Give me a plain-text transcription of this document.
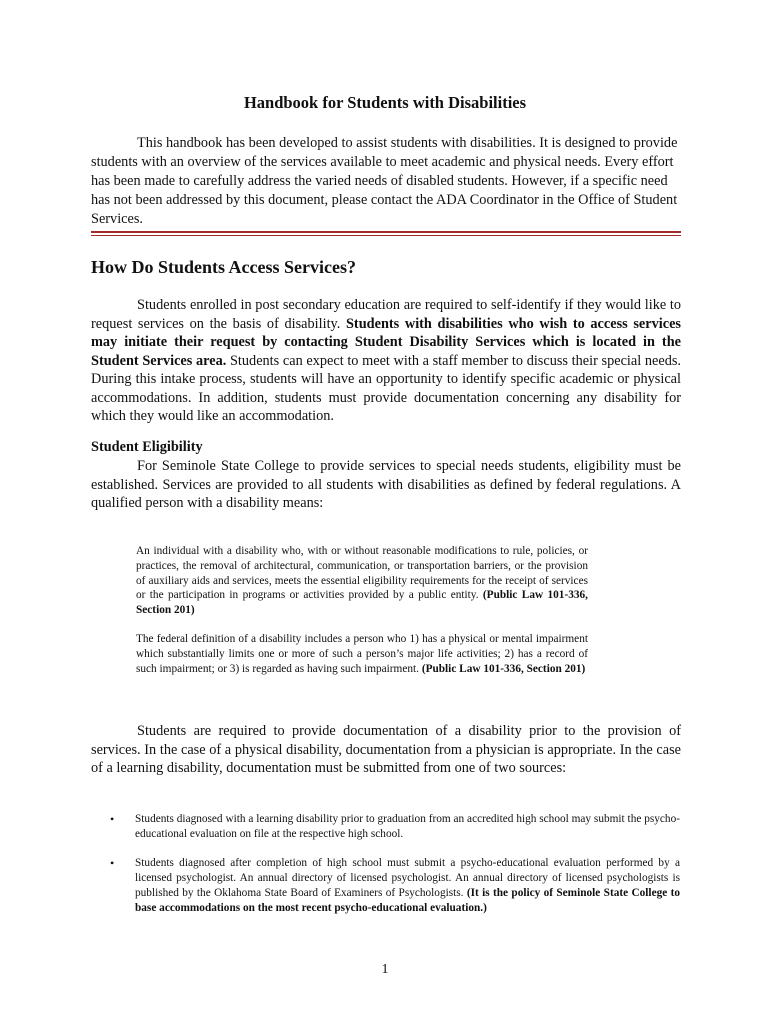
Handbook for Students with Disabilities

This handbook has been developed to assist students with disabilities. It is designed to provide students with an overview of the services available to meet academic and physical needs. Every effort has been made to carefully address the varied needs of disabled students. However, if a specific need has not been addressed by this document, please contact the ADA Coordinator in the Office of Student Services.

How Do Students Access Services?

Students enrolled in post secondary education are required to self-identify if they would like to request services on the basis of disability. Students with disabilities who wish to access services may initiate their request by contacting Student Disability Services which is located in the Student Services area. Students can expect to meet with a staff member to discuss their special needs. During this intake process, students will have an opportunity to identify specific academic or physical accommodations. In addition, students must provide documentation concerning any disability for which they would like an accommodation.

Student Eligibility

For Seminole State College to provide services to special needs students, eligibility must be established. Services are provided to all students with disabilities as defined by federal regulations. A qualified person with a disability means:

An individual with a disability who, with or without reasonable modifications to rule, policies, or practices, the removal of architectural, communication, or transportation barriers, or the provision of auxiliary aids and services, meets the essential eligibility requirements for the receipt of services or the participation in programs or activities provided by a public entity. (Public Law 101-336, Section 201)

The federal definition of a disability includes a person who 1) has a physical or mental impairment which substantially limits one or more of such a person’s major life activities; 2) has a record of such impairment; or 3) is regarded as having such impairment. (Public Law 101-336, Section 201)

Students are required to provide documentation of a disability prior to the provision of services. In the case of a physical disability, documentation from a physician is appropriate. In the case of a learning disability, documentation must be submitted from one of two sources:

• Students diagnosed with a learning disability prior to graduation from an accredited high school may submit the psycho-educational evaluation on file at the respective high school.
• Students diagnosed after completion of high school must submit a psycho-educational evaluation performed by a licensed psychologist. An annual directory of licensed psychologist. An annual directory of licensed psychologists is published by the Oklahoma State Board of Examiners of Psychologists. (It is the policy of Seminole State College to base accommodations on the most recent psycho-educational evaluation.)

1
